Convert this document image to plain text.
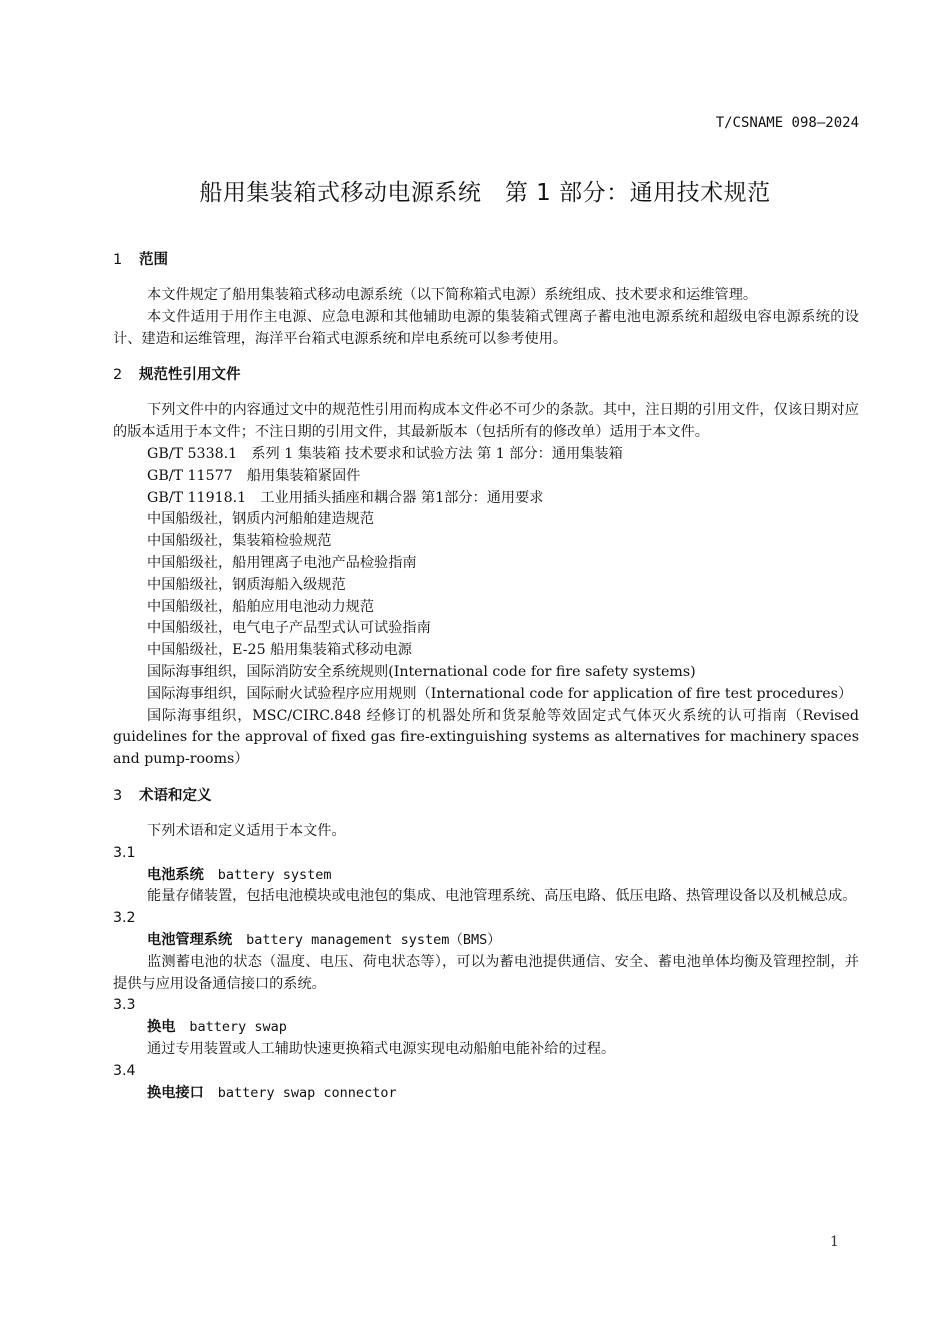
T/CSNAME 098—2024
船用集装箱式移动电源系统　第 1 部分：通用技术规范
1 范围

本文件规定了船用集装箱式移动电源系统（以下简称箱式电源）系统组成、技术要求和运维管理。

本文件适用于用作主电源、应急电源和其他辅助电源的集装箱式锂离子蓄电池电源系统和超级电容电源系统的设计、建造和运维管理，海洋平台箱式电源系统和岸电系统可以参考使用。

2 规范性引用文件

下列文件中的内容通过文中的规范性引用而构成本文件必不可少的条款。其中，注日期的引用文件，仅该日期对应的版本适用于本文件；不注日期的引用文件，其最新版本（包括所有的修改单）适用于本文件。

GB/T 5338.1　系列 1 集装箱 技术要求和试验方法 第 1 部分：通用集装箱

GB/T 11577　船用集装箱紧固件

GB/T 11918.1　工业用插头插座和耦合器 第1部分：通用要求

中国船级社，钢质内河船舶建造规范

中国船级社，集装箱检验规范

中国船级社，船用锂离子电池产品检验指南

中国船级社，钢质海船入级规范

中国船级社，船舶应用电池动力规范

中国船级社，电气电子产品型式认可试验指南

中国船级社，E-25 船用集装箱式移动电源

国际海事组织，国际消防安全系统规则(International code for fire safety systems)

国际海事组织，国际耐火试验程序应用规则（International code for application of fire test procedures）

国际海事组织，MSC/CIRC.848 经修订的机器处所和货泵舱等效固定式气体灭火系统的认可指南（Revised guidelines for the approval of fixed gas fire-extinguishing systems as alternatives for machinery spaces and pump-rooms）

3 术语和定义

下列术语和定义适用于本文件。

3.1

电池系统 battery system

能量存储装置，包括电池模块或电池包的集成、电池管理系统、高压电路、低压电路、热管理设备以及机械总成。

3.2

电池管理系统 battery management system（BMS）

监测蓄电池的状态（温度、电压、荷电状态等），可以为蓄电池提供通信、安全、蓄电池单体均衡及管理控制，并提供与应用设备通信接口的系统。

3.3

换电 battery swap

通过专用装置或人工辅助快速更换箱式电源实现电动船舶电能补给的过程。

3.4

换电接口 battery swap connector

1
